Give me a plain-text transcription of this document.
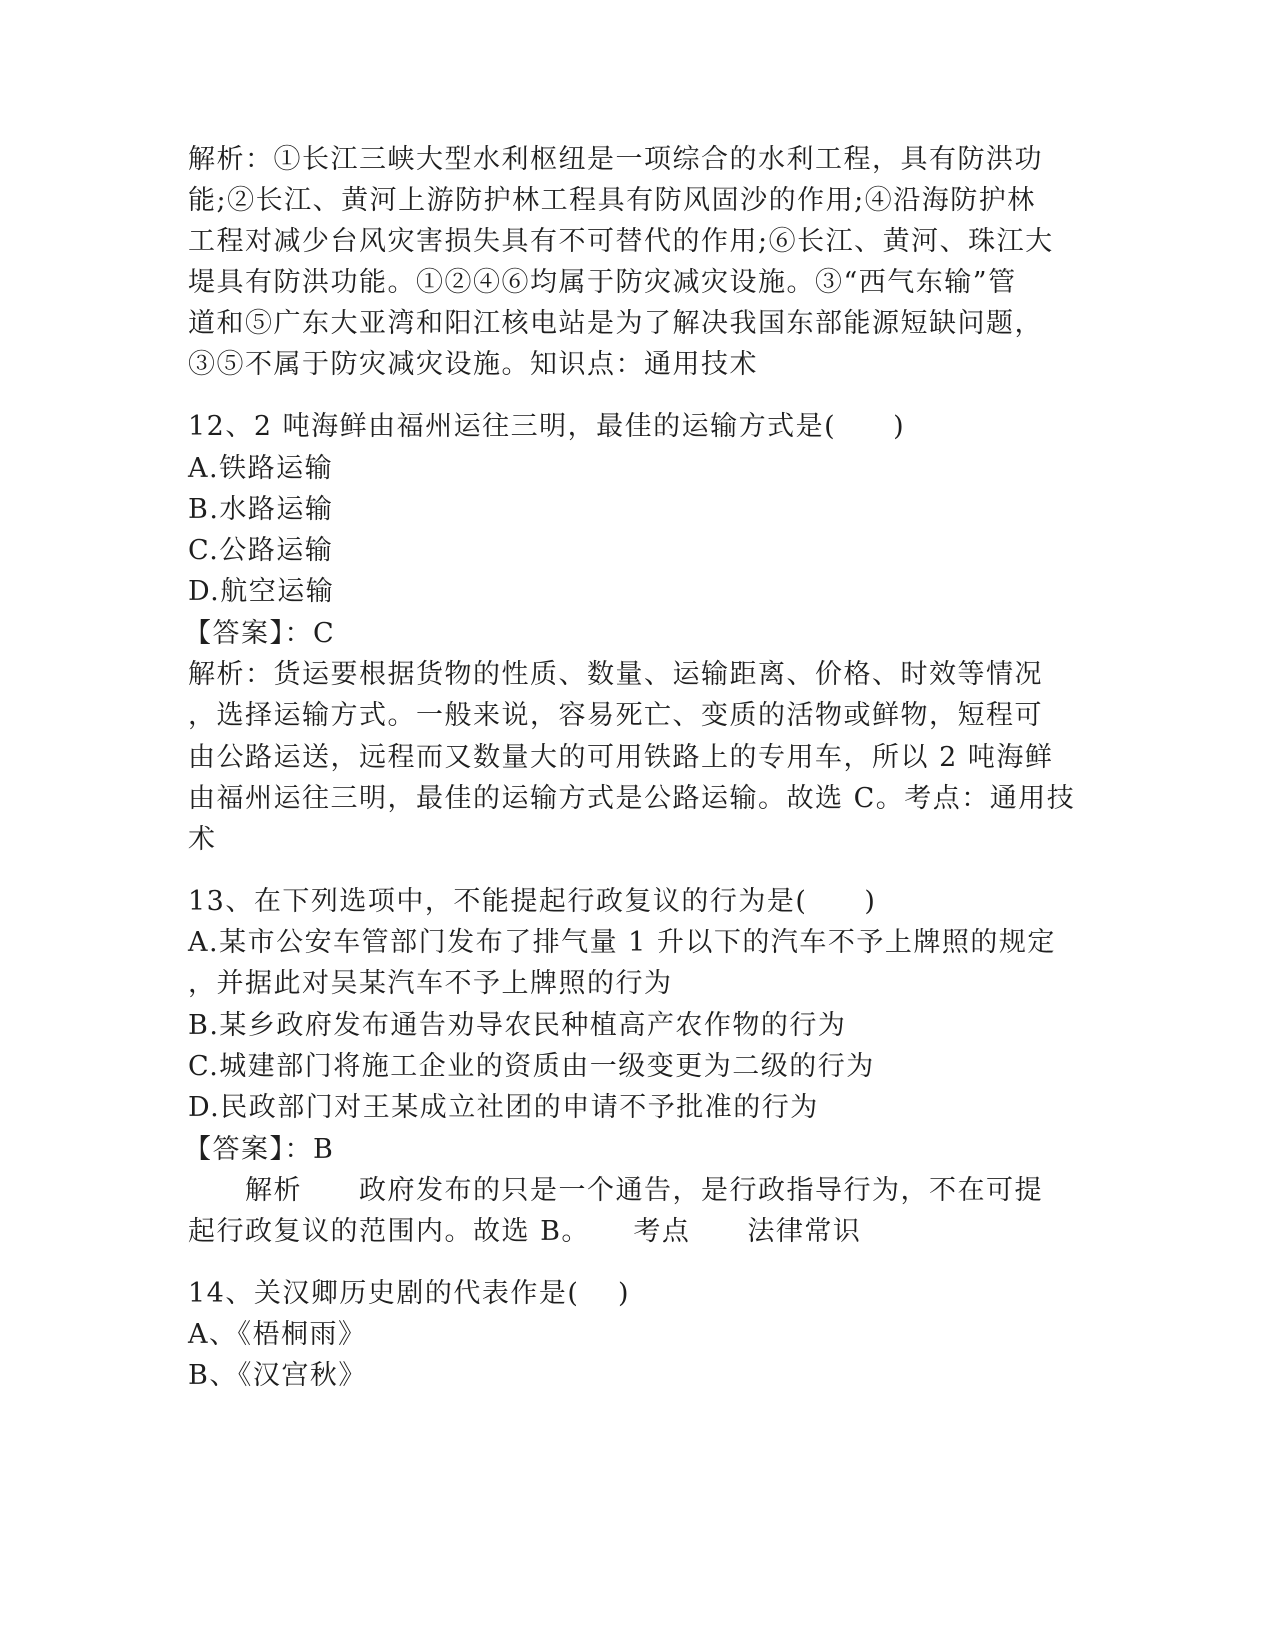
解析：①长江三峡大型水利枢纽是一项综合的水利工程，具有防洪功
能;②长江、黄河上游防护林工程具有防风固沙的作用;④沿海防护林
工程对减少台风灾害损失具有不可替代的作用;⑥长江、黄河、珠江大
堤具有防洪功能。①②④⑥均属于防灾减灾设施。③“西气东输”管
道和⑤广东大亚湾和阳江核电站是为了解决我国东部能源短缺问题，
③⑤不属于防灾减灾设施。知识点：通用技术
12、2 吨海鲜由福州运往三明，最佳的运输方式是(　　)
A.铁路运输
B.水路运输
C.公路运输
D.航空运输
【答案】：C
解析：货运要根据货物的性质、数量、运输距离、价格、时效等情况
，选择运输方式。一般来说，容易死亡、变质的活物或鲜物，短程可
由公路运送，远程而又数量大的可用铁路上的专用车，所以 2 吨海鲜
由福州运往三明，最佳的运输方式是公路运输。故选 C。考点：通用技
术
13、在下列选项中，不能提起行政复议的行为是(　　)
A.某市公安车管部门发布了排气量 1 升以下的汽车不予上牌照的规定
，并据此对吴某汽车不予上牌照的行为
B.某乡政府发布通告劝导农民种植高产农作物的行为
C.城建部门将施工企业的资质由一级变更为二级的行为
D.民政部门对王某成立社团的申请不予批准的行为
【答案】：B
　　解析　　政府发布的只是一个通告，是行政指导行为，不在可提
起行政复议的范围内。故选 B。　　考点　　法律常识
14、关汉卿历史剧的代表作是(　 )
A、《梧桐雨》
B、《汉宫秋》
